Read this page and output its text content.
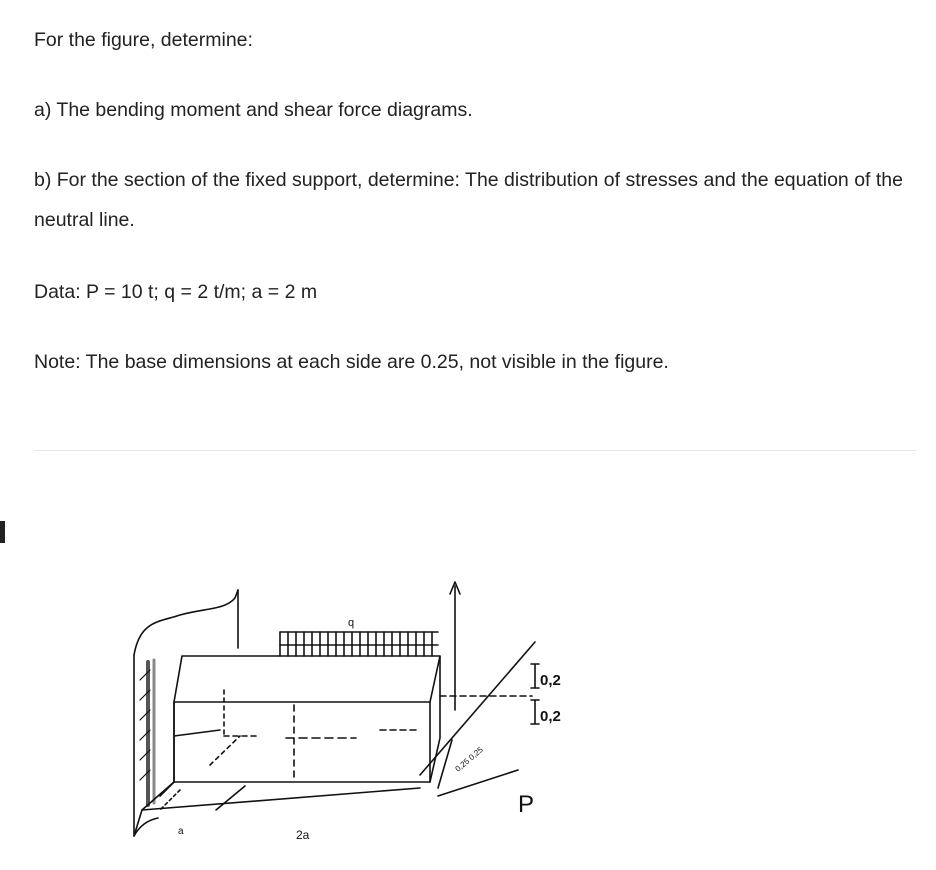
For the figure, determine:

a) The bending moment and shear force diagrams.

b) For the section of the fixed support, determine: The distribution of stresses and the equation of the neutral line.

Data: P = 10 t; q = 2 t/m; a = 2 m

Note: The base dimensions at each side are 0.25, not visible in the figure.

q
0,2
0,2
P
a	2a
0,25 0,25
